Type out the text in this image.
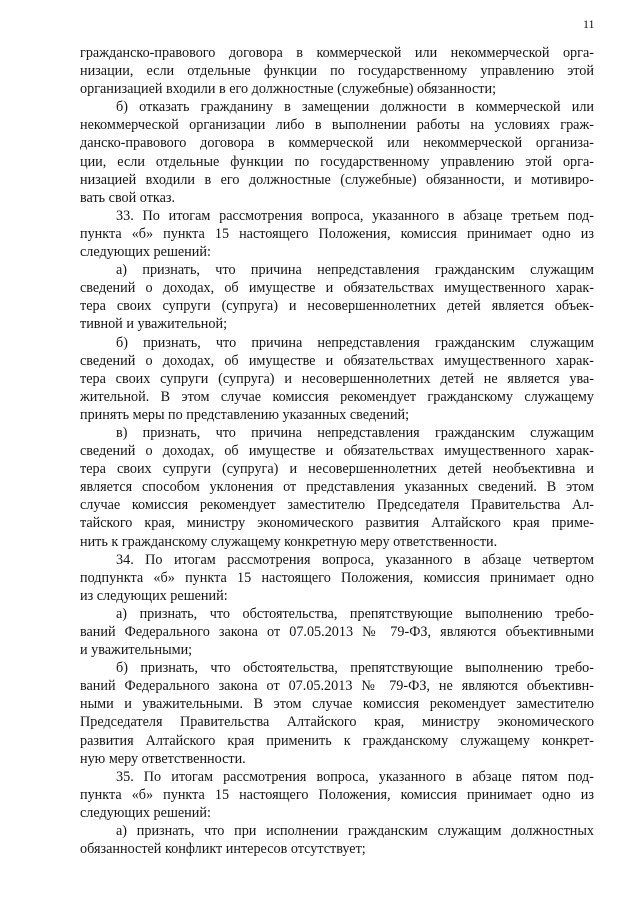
11
гражданско-правового договора в коммерческой или некоммерческой орга-
низации, если отдельные функции по государственному управлению этой
организацией входили в его должностные (служебные) обязанности;
б) отказать гражданину в замещении должности в коммерческой или
некоммерческой организации либо в выполнении работы на условиях граж-
данско-правового договора в коммерческой или некоммерческой организа-
ции, если отдельные функции по государственному управлению этой орга-
низацией входили в его должностные (служебные) обязанности, и мотивиро-
вать свой отказ.
33. По итогам рассмотрения вопроса, указанного в абзаце третьем под-
пункта «б» пункта 15 настоящего Положения, комиссия принимает одно из
следующих решений:
а) признать, что причина непредставления гражданским служащим
сведений о доходах, об имуществе и обязательствах имущественного харак-
тера своих супруги (супруга) и несовершеннолетних детей является объек-
тивной и уважительной;
б) признать, что причина непредставления гражданским служащим
сведений о доходах, об имуществе и обязательствах имущественного харак-
тера своих супруги (супруга) и несовершеннолетних детей не является ува-
жительной. В этом случае комиссия рекомендует гражданскому служащему
принять меры по представлению указанных сведений;
в) признать, что причина непредставления гражданским служащим
сведений о доходах, об имуществе и обязательствах имущественного харак-
тера своих супруги (супруга) и несовершеннолетних детей необъективна и
является способом уклонения от представления указанных сведений. В этом
случае комиссия рекомендует заместителю Председателя Правительства Ал-
тайского края, министру экономического развития Алтайского края приме-
нить к гражданскому служащему конкретную меру ответственности.
34. По итогам рассмотрения вопроса, указанного в абзаце четвертом
подпункта «б» пункта 15 настоящего Положения, комиссия принимает одно
из следующих решений:
а) признать, что обстоятельства, препятствующие выполнению требо-
ваний Федерального закона от 07.05.2013 № 79-ФЗ, являются объективными
и уважительными;
б) признать, что обстоятельства, препятствующие выполнению требо-
ваний Федерального закона от 07.05.2013 № 79-ФЗ, не являются объективн-
ными и уважительными. В этом случае комиссия рекомендует заместителю
Председателя Правительства Алтайского края, министру экономического
развития Алтайского края применить к гражданскому служащему конкрет-
ную меру ответственности.
35. По итогам рассмотрения вопроса, указанного в абзаце пятом под-
пункта «б» пункта 15 настоящего Положения, комиссия принимает одно из
следующих решений:
а) признать, что при исполнении гражданским служащим должностных
обязанностей конфликт интересов отсутствует;
